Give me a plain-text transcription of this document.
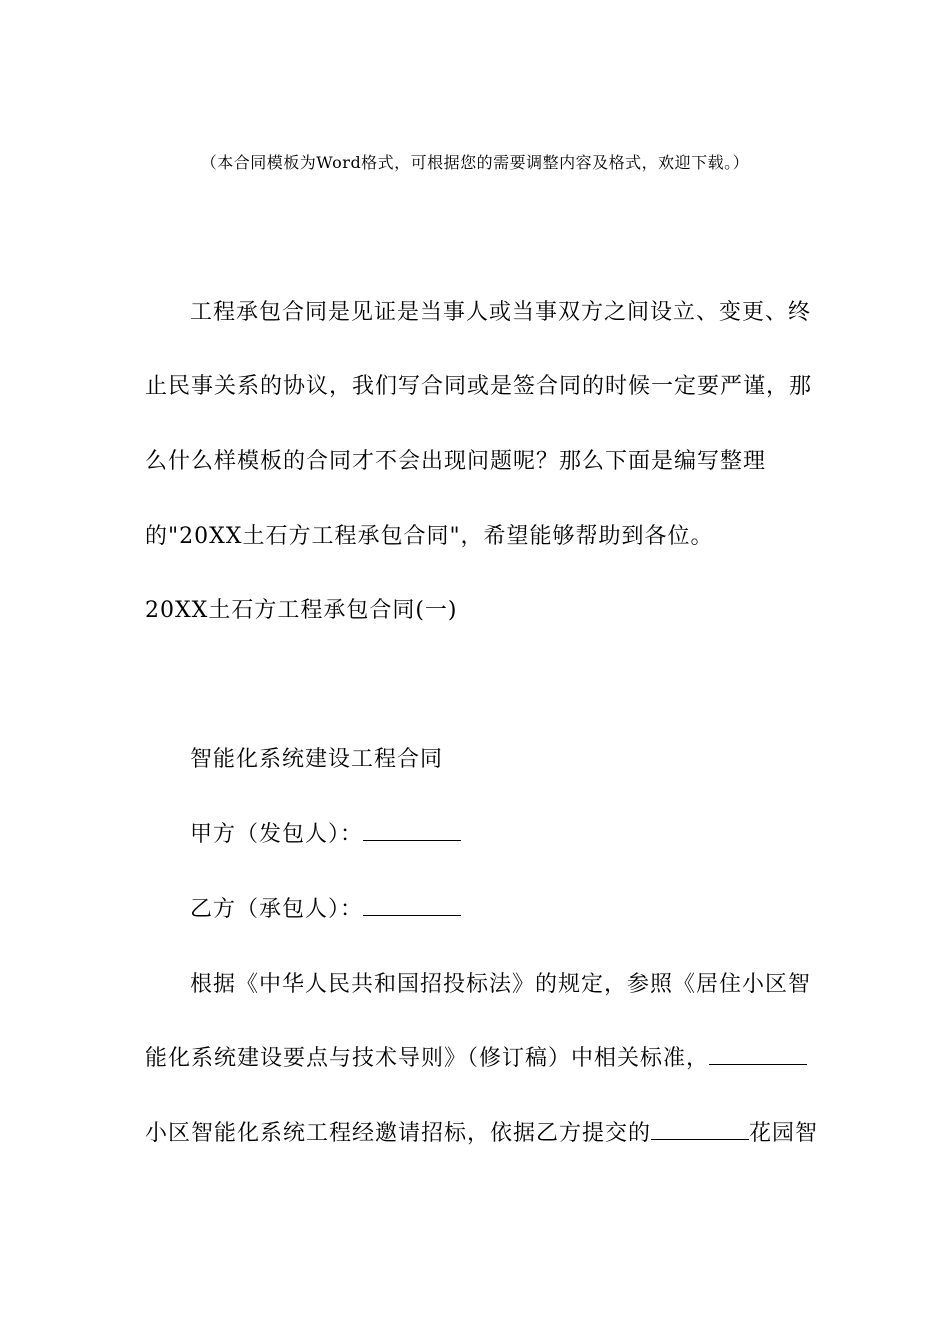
（本合同模板为Word格式，可根据您的需要调整内容及格式，欢迎下载。）
工程承包合同是见证是当事人或当事双方之间设立、变更、终
止民事关系的协议，我们写合同或是签合同的时候一定要严谨，那
么什么样模板的合同才不会出现问题呢？那么下面是编写整理
的"20XX土石方工程承包合同"，希望能够帮助到各位。
20XX土石方工程承包合同(一)
智能化系统建设工程合同
甲方（发包人）：
乙方（承包人）：
根据《中华人民共和国招投标法》的规定，参照《居住小区智
能化系统建设要点与技术导则》（修订稿）中相关标准，
小区智能化系统工程经邀请招标，依据乙方提交的	花园智
